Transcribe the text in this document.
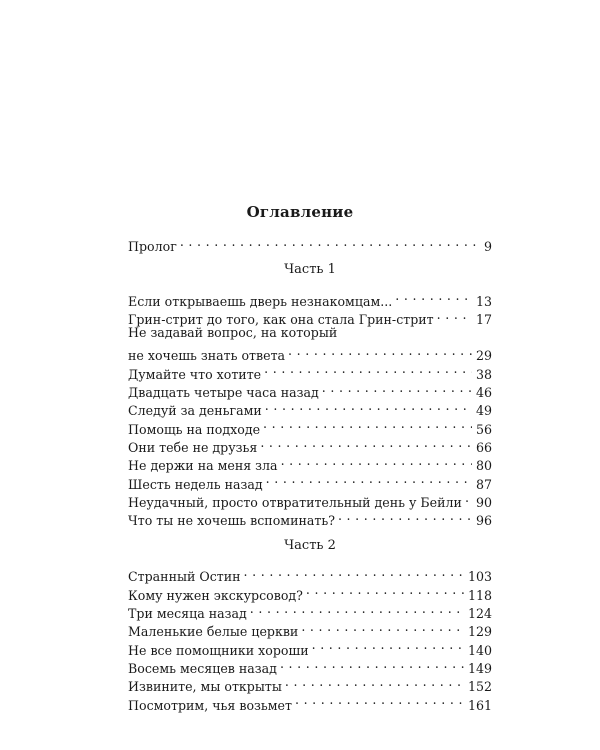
Оглавление
Пролог . . .	9
Часть 1
Если открываешь дверь незнакомцам... . . .	13
Грин-стрит до того, как она стала Грин-стрит . . .	17
Не задавай вопрос, на который
не хочешь знать ответа . . .	29
Думайте что хотите . . .	38
Двадцать четыре часа назад . . .	46
Следуй за деньгами . . .	49
Помощь на подходе . . .	56
Они тебе не друзья . . .	66
Не держи на меня зла . . .	80
Шесть недель назад . . .	87
Неудачный, просто отвратительный день у Бейли . . .	90
Что ты не хочешь вспоминать? . . .	96
Часть 2
Странный Остин . . .	103
Кому нужен экскурсовод? . . .	118
Три месяца назад . . .	124
Маленькие белые церкви . . .	129
Не все помощники хороши . . .	140
Восемь месяцев назад . . .	149
Извините, мы открыты . . .	152
Посмотрим, чья возьмет . . .	161
